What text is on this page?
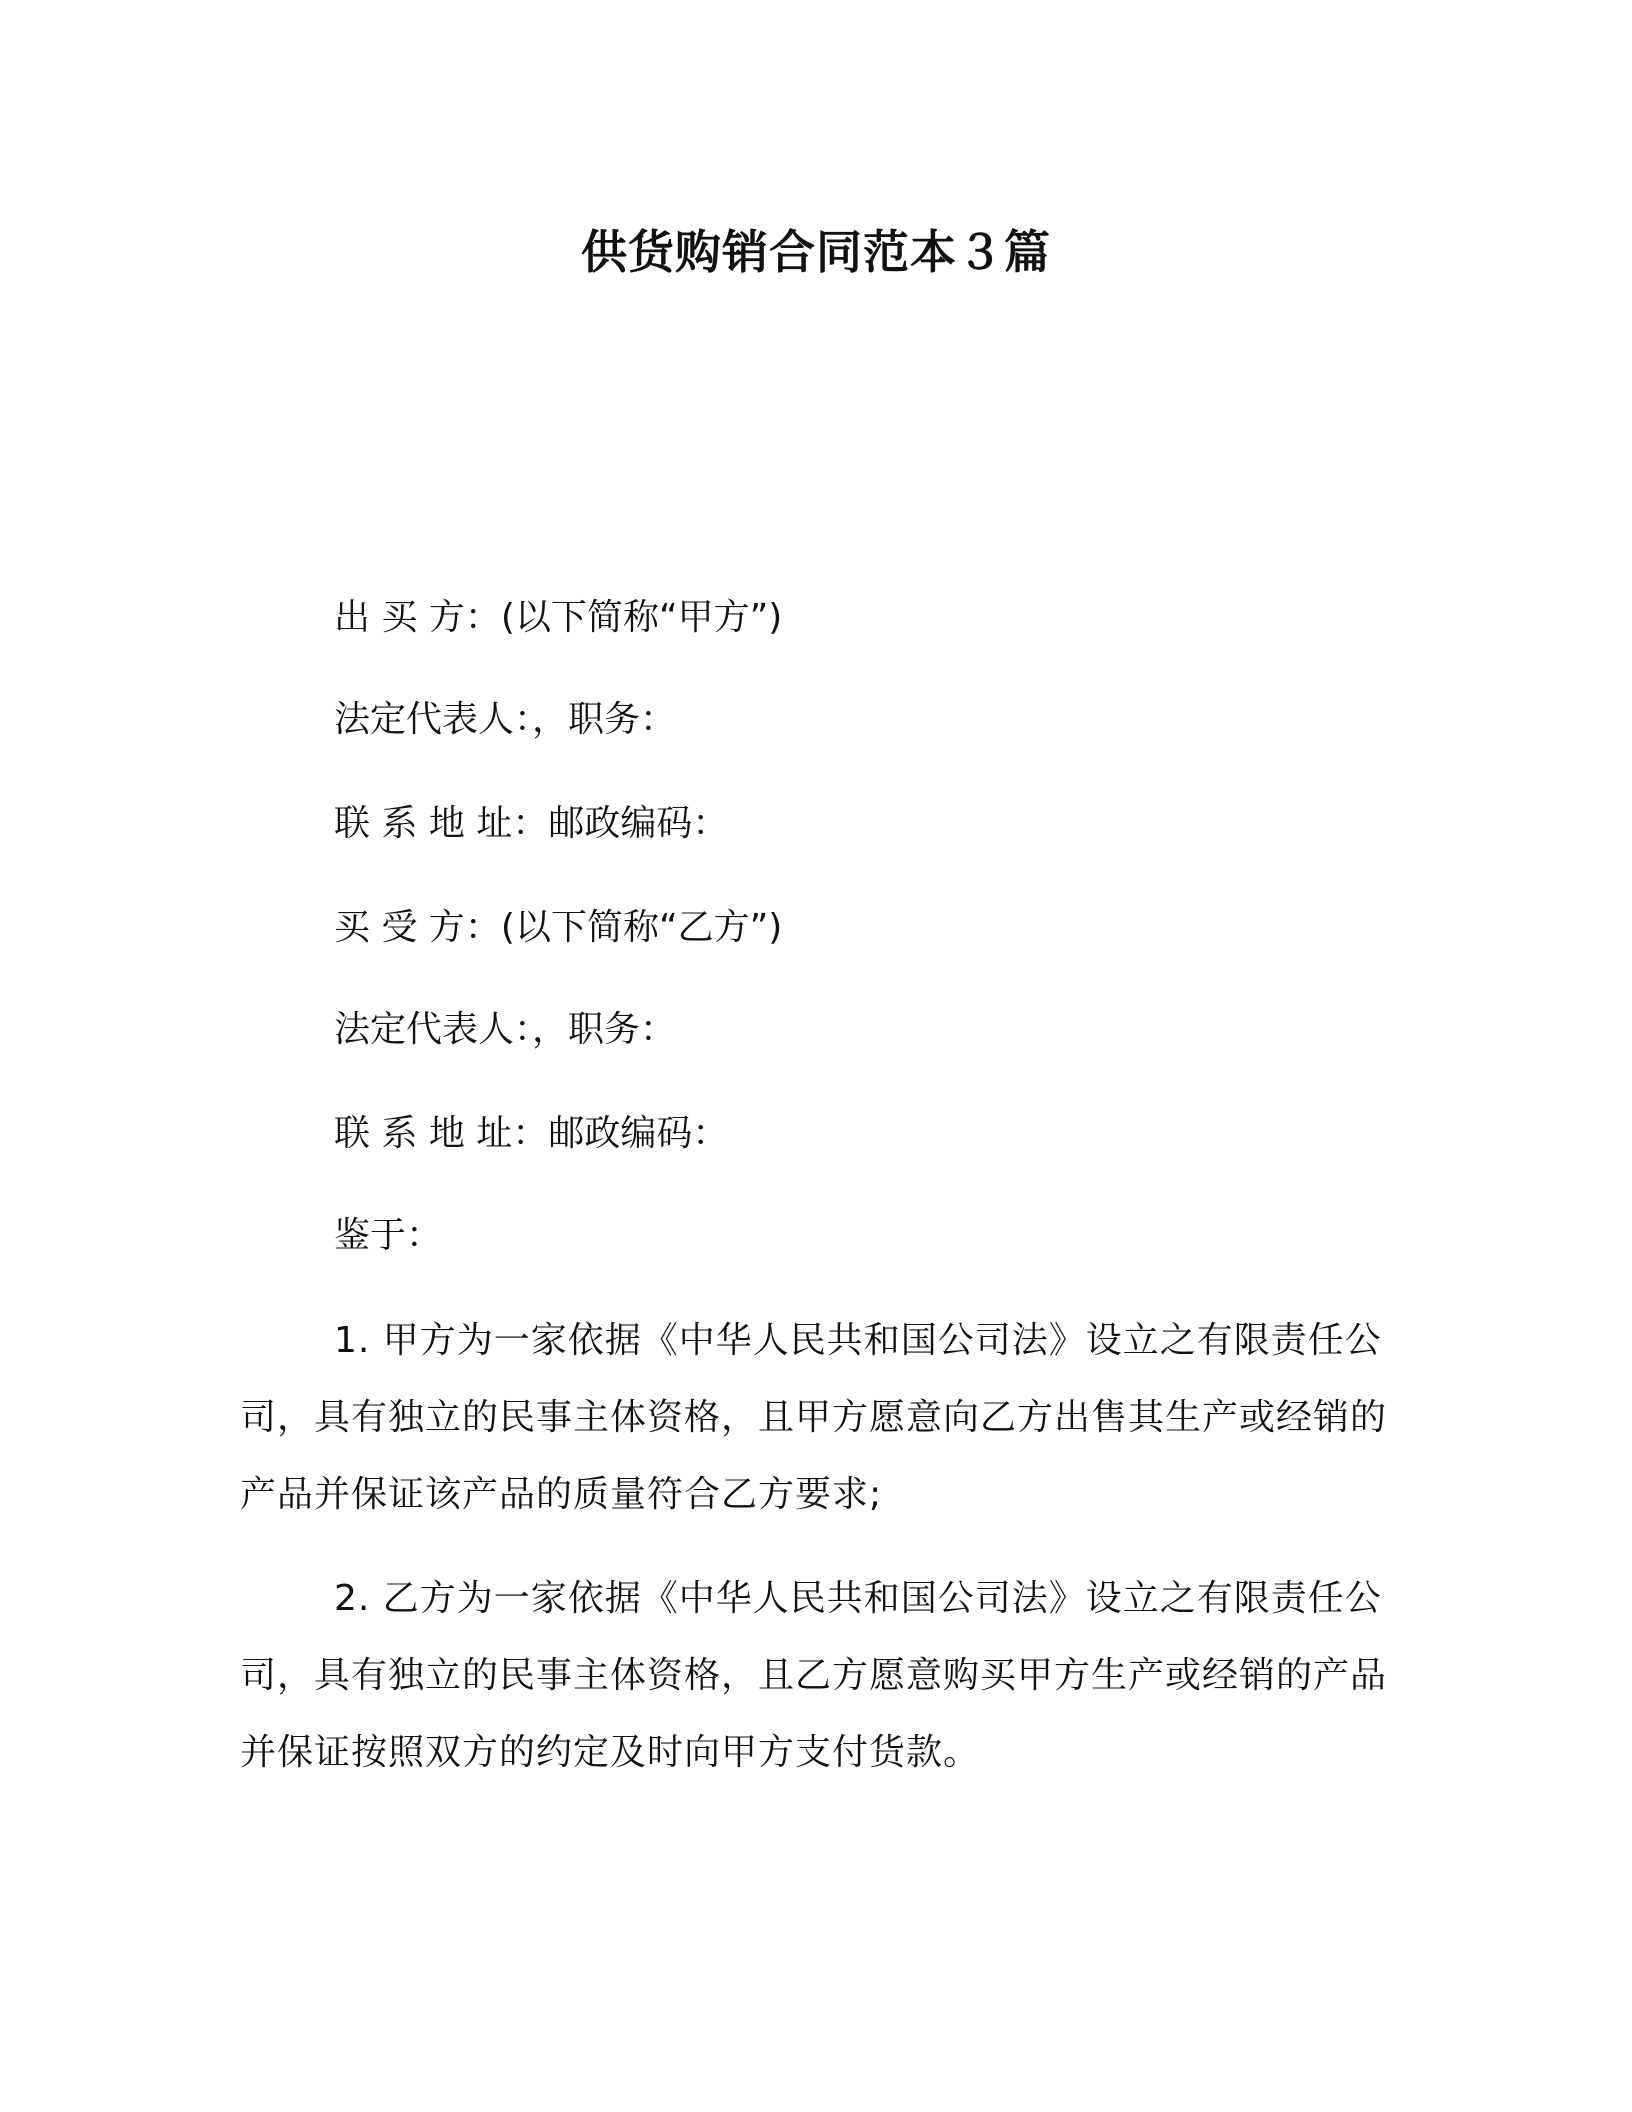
供货购销合同范本３篇

出 买 方：(以下简称“甲方”)

法定代表人：，职务：

联 系 地 址：邮政编码：

买 受 方：(以下简称“乙方”)

法定代表人：，职务：

联 系 地 址：邮政编码：

鉴于：

1. 甲方为一家依据《中华人民共和国公司法》设立之有限责任公司，具有独立的民事主体资格，且甲方愿意向乙方出售其生产或经销的产品并保证该产品的质量符合乙方要求;

2. 乙方为一家依据《中华人民共和国公司法》设立之有限责任公司，具有独立的民事主体资格，且乙方愿意购买甲方生产或经销的产品并保证按照双方的约定及时向甲方支付货款。
